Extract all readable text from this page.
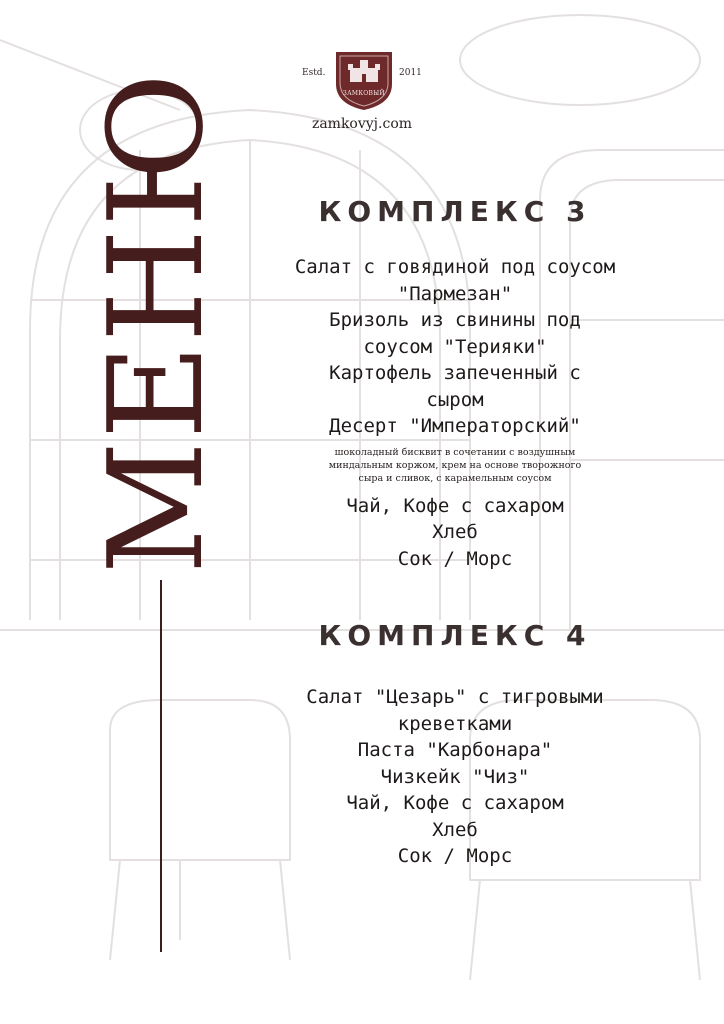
Estd.	2011
ЗАМКОВЫЙ
zamkovyj.com
МЕНЮ	КОМПЛЕКС 3
Салат с говядиной под соусом
"Пармезан"
Бризоль из свинины под
соусом "Терияки"
Картофель запеченный с
сыром
Десерт "Императорский"
шоколадный бисквит в сочетании с воздушным
миндальным коржом, крем на основе творожного
сыра и сливок, с карамельным соусом
Чай, Кофе с сахаром
Хлеб
Сок / Морс
КОМПЛЕКС 4
Салат "Цезарь" с тигровыми
креветками
Паста "Карбонара"
Чизкейк "Чиз"
Чай, Кофе с сахаром
Хлеб
Сок / Морс
